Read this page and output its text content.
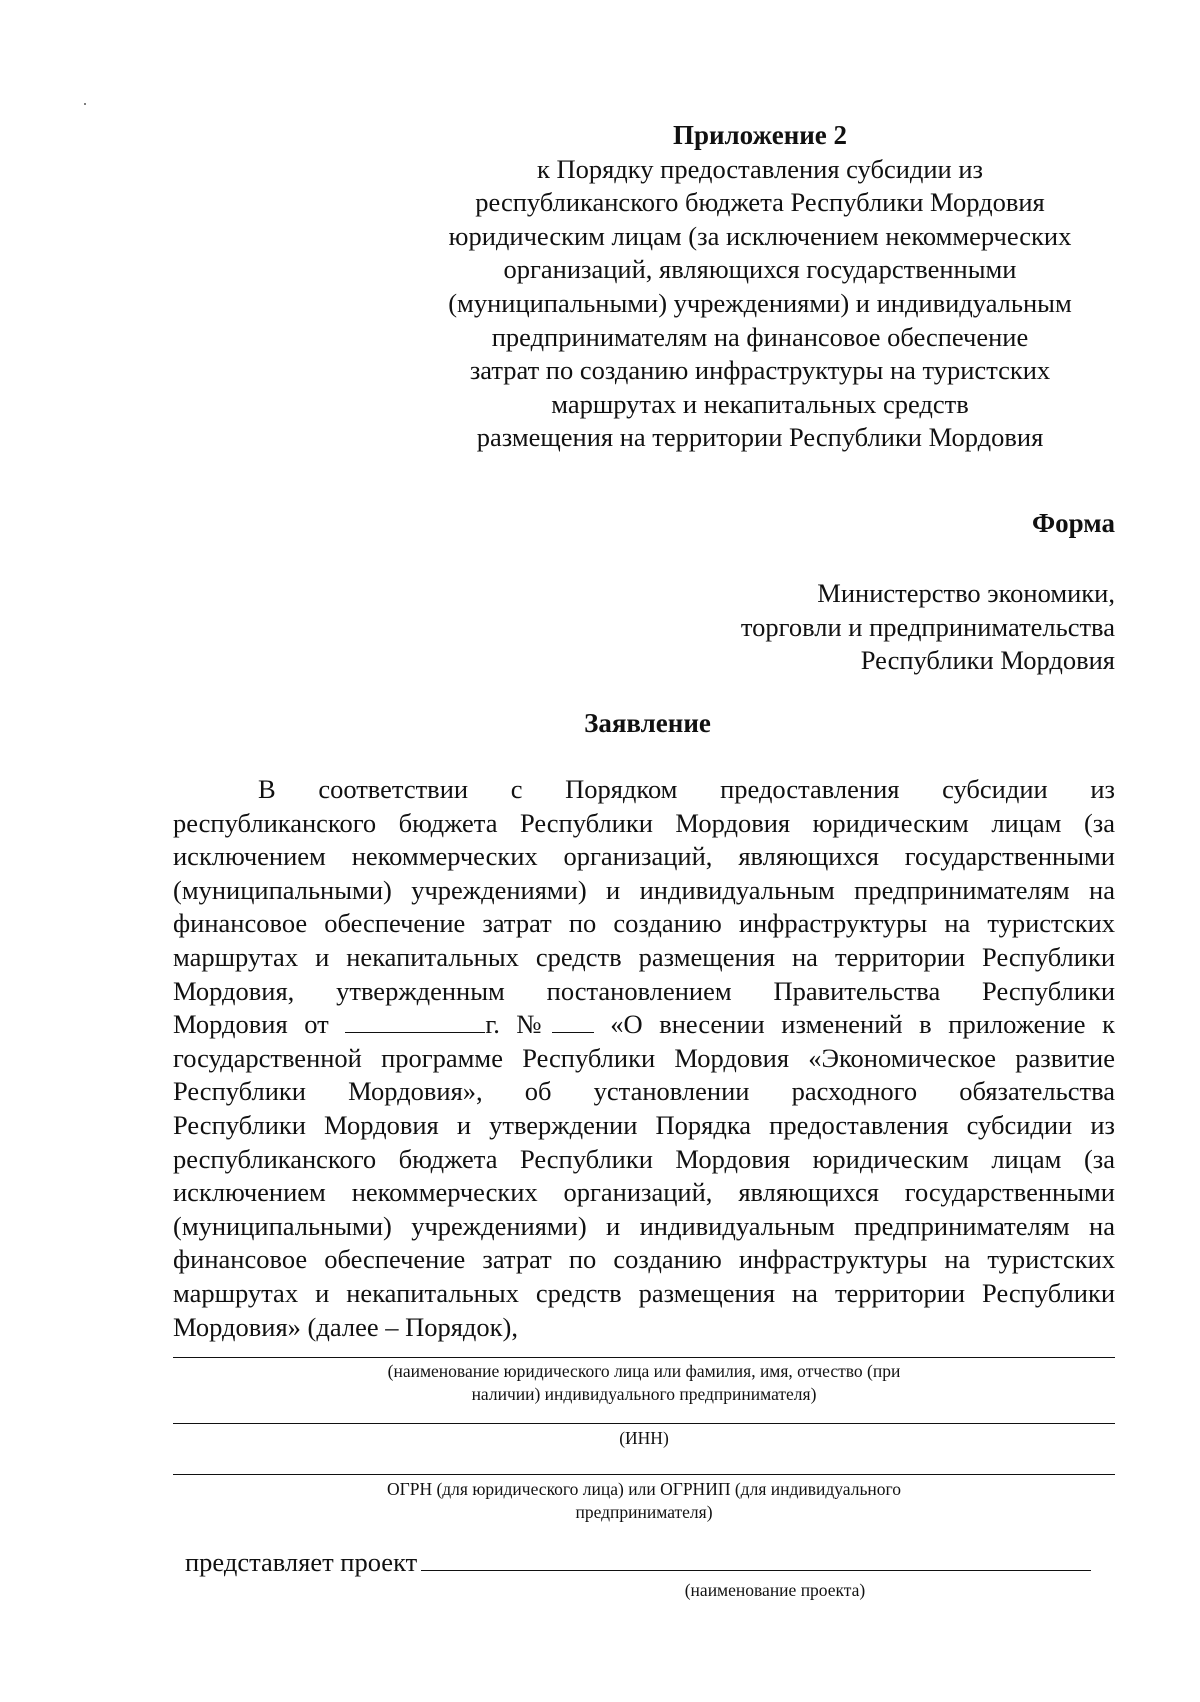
Приложение 2
к Порядку предоставления субсидии из
республиканского бюджета Республики Мордовия
юридическим лицам (за исключением некоммерческих
организаций, являющихся государственными
(муниципальными) учреждениями) и индивидуальным
предпринимателям на финансовое обеспечение
затрат по созданию инфраструктуры на туристских
маршрутах и некапитальных средств
размещения на территории Республики Мордовия
Форма
Министерство экономики,
торговли и предпринимательства
Республики Мордовия
Заявление
В соответствии с Порядком предоставления субсидии из
республиканского бюджета Республики Мордовия юридическим лицам (за
исключением некоммерческих организаций, являющихся государственными
(муниципальными) учреждениями) и индивидуальным предпринимателям на
финансовое обеспечение затрат по созданию инфраструктуры на туристских
маршрутах и некапитальных средств размещения на территории Республики
Мордовия, утвержденным постановлением Правительства Республики
Мордовия от	г. № «О внесении изменений в приложение к
государственной программе Республики Мордовия «Экономическое развитие
Республики Мордовия», об установлении расходного обязательства
Республики Мордовия и утверждении Порядка предоставления субсидии из
республиканского бюджета Республики Мордовия юридическим лицам (за
исключением некоммерческих организаций, являющихся государственными
(муниципальными) учреждениями) и индивидуальным предпринимателям на
финансовое обеспечение затрат по созданию инфраструктуры на туристских
маршрутах и некапитальных средств размещения на территории Республики
Мордовия» (далее – Порядок),
(наименование юридического лица или фамилия, имя, отчество (при
наличии) индивидуального предпринимателя)
(ИНН)
ОГРН (для юридического лица) или ОГРНИП (для индивидуального
предпринимателя)
представляет проект
(наименование проекта)
